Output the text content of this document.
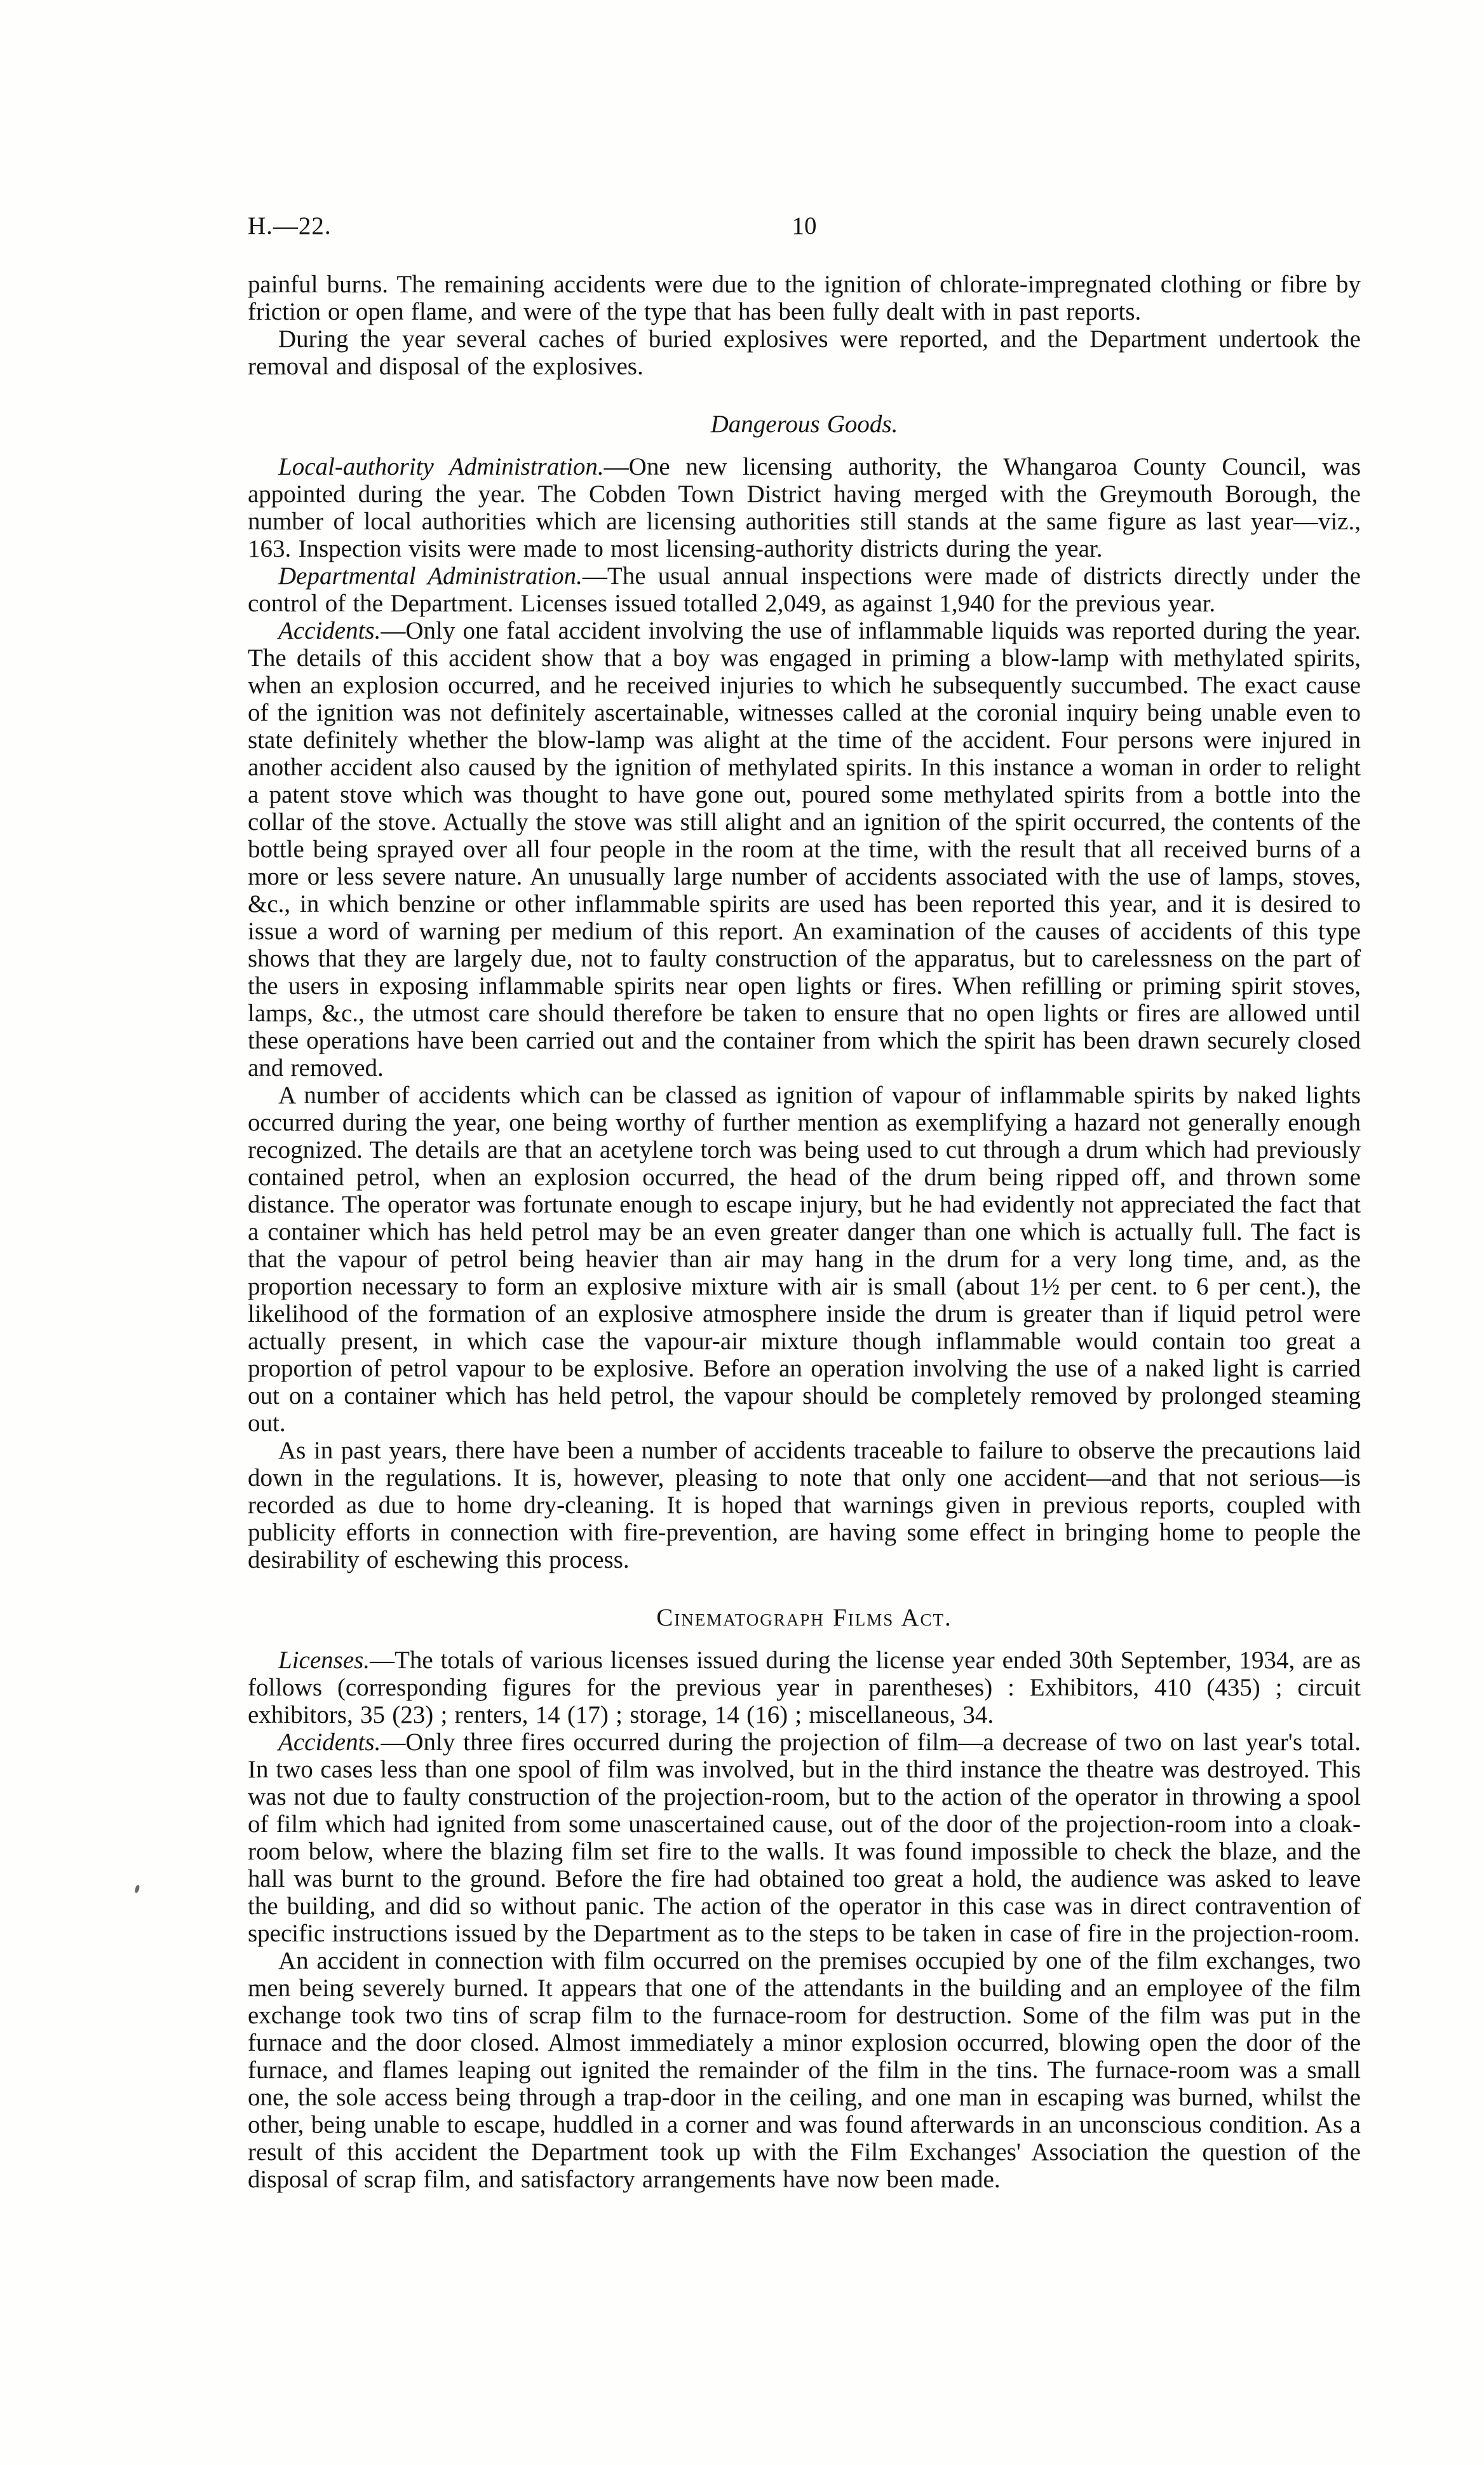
H.—22.	10

painful burns. The remaining accidents were due to the ignition of chlorate-impregnated clothing or fibre by friction or open flame, and were of the type that has been fully dealt with in past reports.

During the year several caches of buried explosives were reported, and the Department undertook the removal and disposal of the explosives.

Dangerous Goods.

Local-authority Administration.—One new licensing authority, the Whangaroa County Council, was appointed during the year. The Cobden Town District having merged with the Greymouth Borough, the number of local authorities which are licensing authorities still stands at the same figure as last year—viz., 163. Inspection visits were made to most licensing-authority districts during the year.

Departmental Administration.—The usual annual inspections were made of districts directly under the control of the Department. Licenses issued totalled 2,049, as against 1,940 for the previous year.

Accidents.—Only one fatal accident involving the use of inflammable liquids was reported during the year. The details of this accident show that a boy was engaged in priming a blow-lamp with methylated spirits, when an explosion occurred, and he received injuries to which he subsequently succumbed. The exact cause of the ignition was not definitely ascertainable, witnesses called at the coronial inquiry being unable even to state definitely whether the blow-lamp was alight at the time of the accident. Four persons were injured in another accident also caused by the ignition of methylated spirits. In this instance a woman in order to relight a patent stove which was thought to have gone out, poured some methylated spirits from a bottle into the collar of the stove. Actually the stove was still alight and an ignition of the spirit occurred, the contents of the bottle being sprayed over all four people in the room at the time, with the result that all received burns of a more or less severe nature. An unusually large number of accidents associated with the use of lamps, stoves, &c., in which benzine or other inflammable spirits are used has been reported this year, and it is desired to issue a word of warning per medium of this report. An examination of the causes of accidents of this type shows that they are largely due, not to faulty construction of the apparatus, but to carelessness on the part of the users in exposing inflammable spirits near open lights or fires. When refilling or priming spirit stoves, lamps, &c., the utmost care should therefore be taken to ensure that no open lights or fires are allowed until these operations have been carried out and the container from which the spirit has been drawn securely closed and removed.

A number of accidents which can be classed as ignition of vapour of inflammable spirits by naked lights occurred during the year, one being worthy of further mention as exemplifying a hazard not generally enough recognized. The details are that an acetylene torch was being used to cut through a drum which had previously contained petrol, when an explosion occurred, the head of the drum being ripped off, and thrown some distance. The operator was fortunate enough to escape injury, but he had evidently not appreciated the fact that a container which has held petrol may be an even greater danger than one which is actually full. The fact is that the vapour of petrol being heavier than air may hang in the drum for a very long time, and, as the proportion necessary to form an explosive mixture with air is small (about 1½ per cent. to 6 per cent.), the likelihood of the formation of an explosive atmosphere inside the drum is greater than if liquid petrol were actually present, in which case the vapour-air mixture though inflammable would contain too great a proportion of petrol vapour to be explosive. Before an operation involving the use of a naked light is carried out on a container which has held petrol, the vapour should be completely removed by prolonged steaming out.

As in past years, there have been a number of accidents traceable to failure to observe the precautions laid down in the regulations. It is, however, pleasing to note that only one accident—and that not serious—is recorded as due to home dry-cleaning. It is hoped that warnings given in previous reports, coupled with publicity efforts in connection with fire-prevention, are having some effect in bringing home to people the desirability of eschewing this process.

Cinematograph Films Act.

Licenses.—The totals of various licenses issued during the license year ended 30th September, 1934, are as follows (corresponding figures for the previous year in parentheses) : Exhibitors, 410 (435) ; circuit exhibitors, 35 (23) ; renters, 14 (17) ; storage, 14 (16) ; miscellaneous, 34.

Accidents.—Only three fires occurred during the projection of film—a decrease of two on last year's total. In two cases less than one spool of film was involved, but in the third instance the theatre was destroyed. This was not due to faulty construction of the projection-room, but to the action of the operator in throwing a spool of film which had ignited from some unascertained cause, out of the door of the projection-room into a cloak-room below, where the blazing film set fire to the walls. It was found impossible to check the blaze, and the hall was burnt to the ground. Before the fire had obtained too great a hold, the audience was asked to leave the building, and did so without panic. The action of the operator in this case was in direct contravention of specific instructions issued by the Department as to the steps to be taken in case of fire in the projection-room.

An accident in connection with film occurred on the premises occupied by one of the film exchanges, two men being severely burned. It appears that one of the attendants in the building and an employee of the film exchange took two tins of scrap film to the furnace-room for destruction. Some of the film was put in the furnace and the door closed. Almost immediately a minor explosion occurred, blowing open the door of the furnace, and flames leaping out ignited the remainder of the film in the tins. The furnace-room was a small one, the sole access being through a trap-door in the ceiling, and one man in escaping was burned, whilst the other, being unable to escape, huddled in a corner and was found afterwards in an unconscious condition. As a result of this accident the Department took up with the Film Exchanges' Association the question of the disposal of scrap film, and satisfactory arrangements have now been made.
